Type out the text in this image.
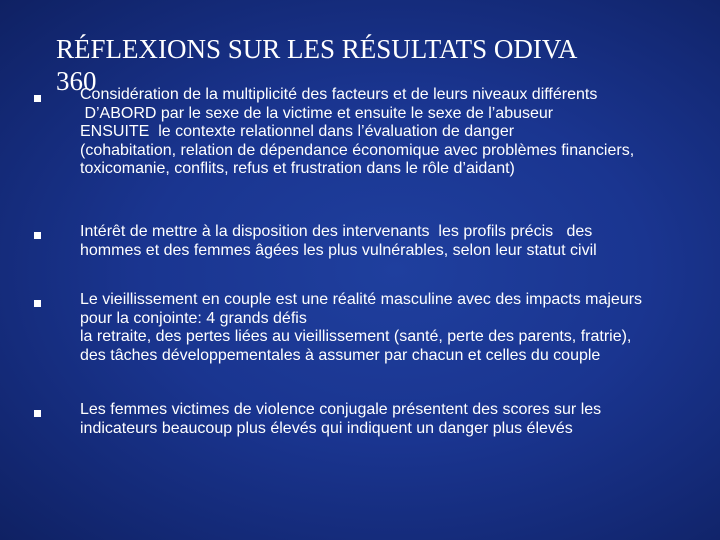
RÉFLEXIONS SUR LES RÉSULTATS ODIVA
360
Considération de la multiplicité des facteurs et de leurs niveaux différents
D’ABORD par le sexe de la victime et ensuite le sexe de l’abuseur
ENSUITE  le contexte relationnel dans l’évaluation de danger
(cohabitation, relation de dépendance économique avec problèmes financiers,
toxicomanie, conflits, refus et frustration dans le rôle d’aidant)
Intérêt de mettre à la disposition des intervenants  les profils précis   des
hommes et des femmes âgées les plus vulnérables, selon leur statut civil
Le vieillissement en couple est une réalité masculine avec des impacts majeurs
pour la conjointe: 4 grands défis
la retraite, des pertes liées au vieillissement (santé, perte des parents, fratrie),
des tâches développementales à assumer par chacun et celles du couple
Les femmes victimes de violence conjugale présentent des scores sur les
indicateurs beaucoup plus élevés qui indiquent un danger plus élevés
